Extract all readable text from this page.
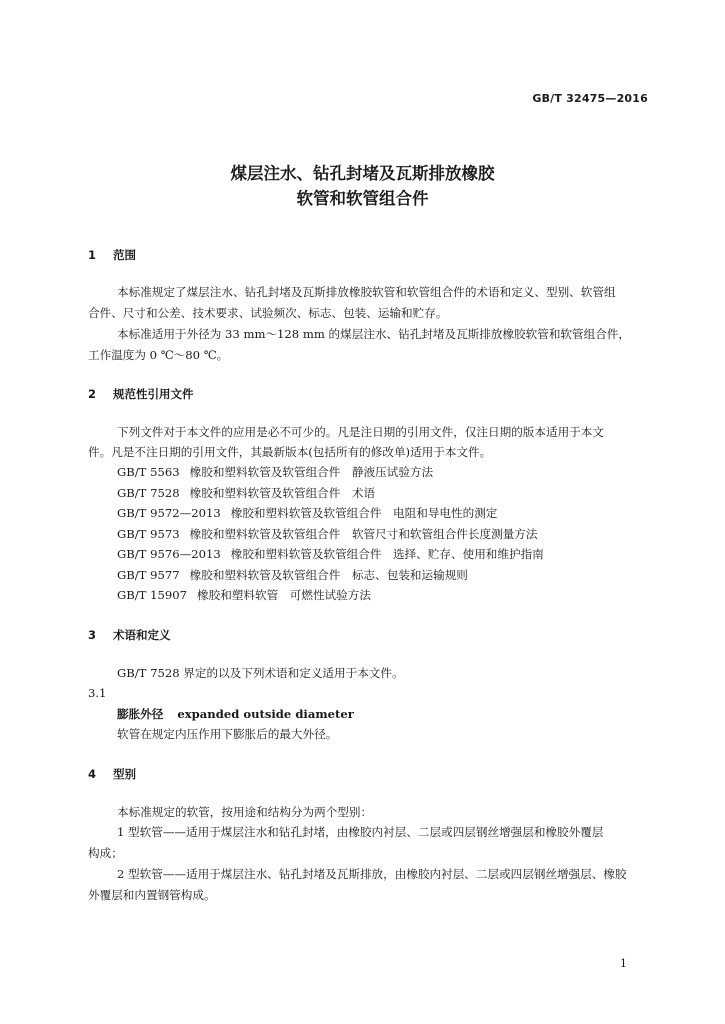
GB/T 32475—2016
煤层注水、钻孔封堵及瓦斯排放橡胶
软管和软管组合件
1 范围
本标准规定了煤层注水、钻孔封堵及瓦斯排放橡胶软管和软管组合件的术语和定义、型别、软管组
合件、尺寸和公差、技术要求、试验频次、标志、包装、运输和贮存。
本标准适用于外径为 33 mm～128 mm 的煤层注水、钻孔封堵及瓦斯排放橡胶软管和软管组合件，
工作温度为 0 ℃～80 ℃。
2 规范性引用文件
下列文件对于本文件的应用是必不可少的。凡是注日期的引用文件，仅注日期的版本适用于本文
件。凡是不注日期的引用文件，其最新版本(包括所有的修改单)适用于本文件。
GB/T 5563 橡胶和塑料软管及软管组合件　静液压试验方法
GB/T 7528 橡胶和塑料软管及软管组合件　术语
GB/T 9572—2013 橡胶和塑料软管及软管组合件　电阻和导电性的测定
GB/T 9573 橡胶和塑料软管及软管组合件　软管尺寸和软管组合件长度测量方法
GB/T 9576—2013 橡胶和塑料软管及软管组合件　选择、贮存、使用和维护指南
GB/T 9577 橡胶和塑料软管及软管组合件　标志、包装和运输规则
GB/T 15907 橡胶和塑料软管　可燃性试验方法
3 术语和定义
GB/T 7528 界定的以及下列术语和定义适用于本文件。
3.1
膨胀外径 expanded outside diameter
软管在规定内压作用下膨胀后的最大外径。
4 型别
本标准规定的软管，按用途和结构分为两个型别：
1 型软管——适用于煤层注水和钻孔封堵，由橡胶内衬层、二层或四层钢丝增强层和橡胶外覆层
构成；
2 型软管——适用于煤层注水、钻孔封堵及瓦斯排放，由橡胶内衬层、二层或四层钢丝增强层、橡胶
外覆层和内置钢管构成。
1
